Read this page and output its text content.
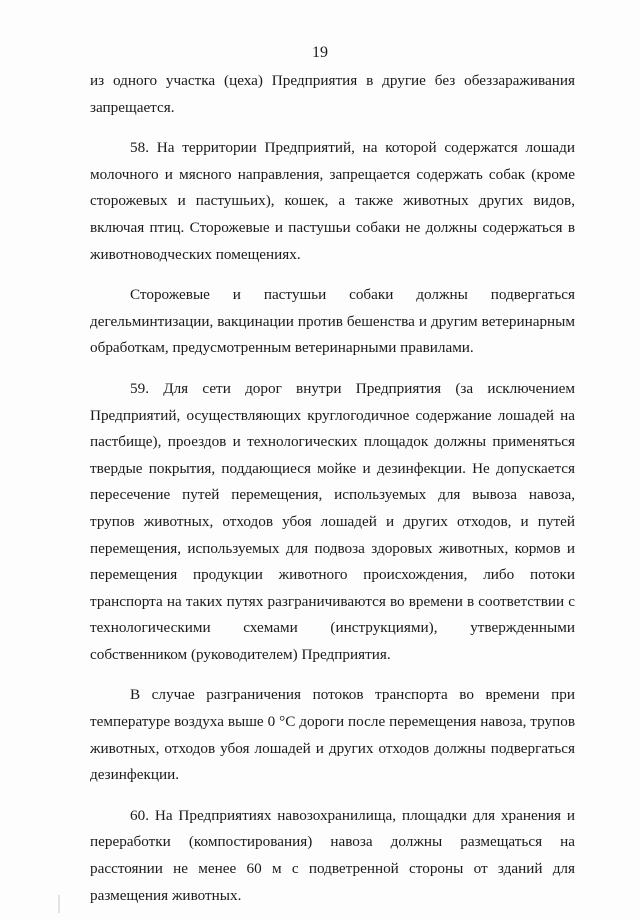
19

из одного участка (цеха) Предприятия в другие без обеззараживания запрещается.

58. На территории Предприятий, на которой содержатся лошади молочного и мясного направления, запрещается содержать собак (кроме сторожевых и пастушьих), кошек, а также животных других видов, включая птиц. Сторожевые и пастушьи собаки не должны содержаться в животноводческих помещениях.

Сторожевые и пастушьи собаки должны подвергаться дегельминтизации, вакцинации против бешенства и другим ветеринарным обработкам, предусмотренным ветеринарными правилами.

59. Для сети дорог внутри Предприятия (за исключением Предприятий, осуществляющих круглогодичное содержание лошадей на пастбище), проездов и технологических площадок должны применяться твердые покрытия, поддающиеся мойке и дезинфекции. Не допускается пересечение путей перемещения, используемых для вывоза навоза, трупов животных, отходов убоя лошадей и других отходов, и путей перемещения, используемых для подвоза здоровых животных, кормов и перемещения продукции животного происхождения, либо потоки транспорта на таких путях разграничиваются во времени в соответствии с технологическими схемами (инструкциями), утвержденными собственником (руководителем) Предприятия.

В случае разграничения потоков транспорта во времени при температуре воздуха выше 0 °С дороги после перемещения навоза, трупов животных, отходов убоя лошадей и других отходов должны подвергаться дезинфекции.

60. На Предприятиях навозохранилища, площадки для хранения и переработки (компостирования) навоза должны размещаться на расстоянии не менее 60 м с подветренной стороны от зданий для размещения животных.
